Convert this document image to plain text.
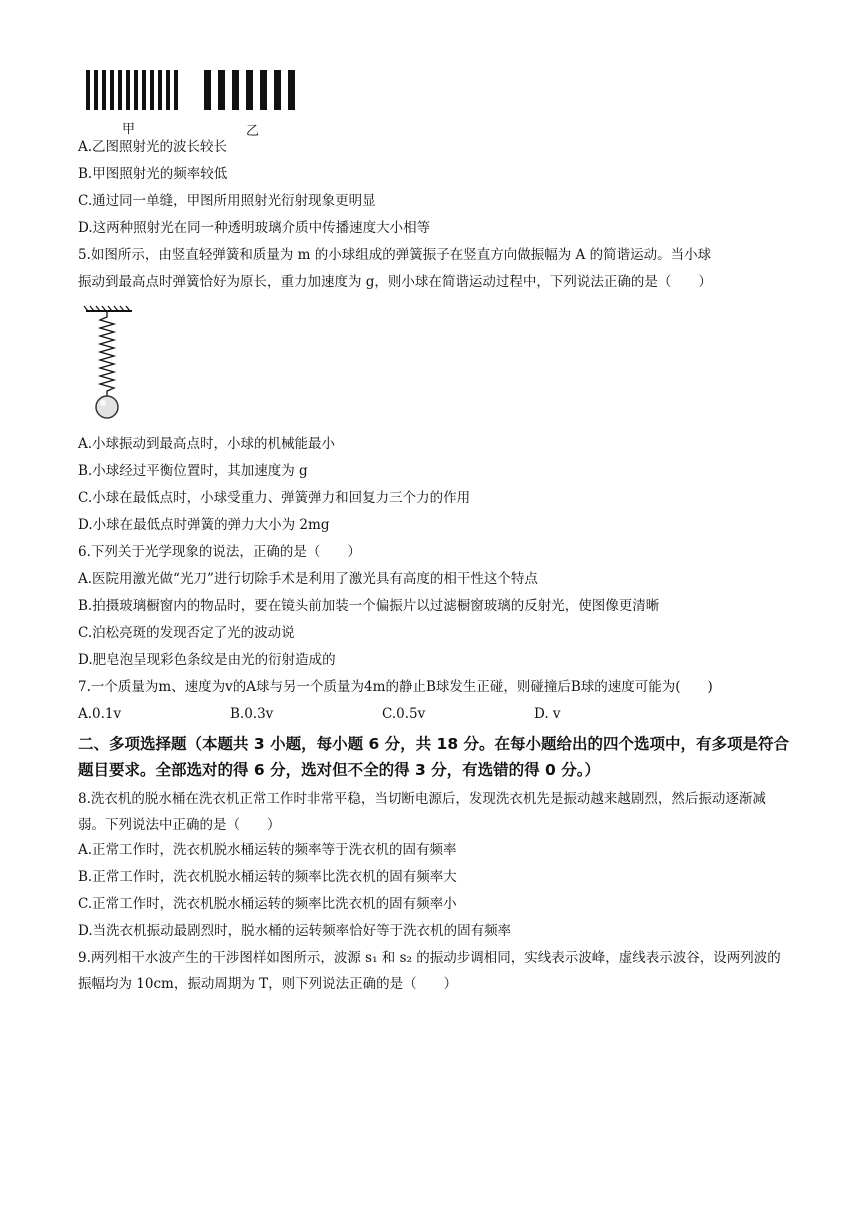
甲	乙
A.乙图照射光的波长较长
B.甲图照射光的频率较低
C.通过同一单缝，甲图所用照射光衍射现象更明显
D.这两种照射光在同一种透明玻璃介质中传播速度大小相等
5.如图所示，由竖直轻弹簧和质量为 m 的小球组成的弹簧振子在竖直方向做振幅为 A 的简谐运动。当小球
振动到最高点时弹簧恰好为原长，重力加速度为 g，则小球在简谐运动过程中，下列说法正确的是（　　）
A.小球振动到最高点时，小球的机械能最小
B.小球经过平衡位置时，其加速度为 g
C.小球在最低点时，小球受重力、弹簧弹力和回复力三个力的作用
D.小球在最低点时弹簧的弹力大小为 2mg
6.下列关于光学现象的说法，正确的是（　　）
A.医院用激光做“光刀”进行切除手术是利用了激光具有高度的相干性这个特点
B.拍摄玻璃橱窗内的物品时，要在镜头前加装一个偏振片以过滤橱窗玻璃的反射光，使图像更清晰
C.泊松亮斑的发现否定了光的波动说
D.肥皂泡呈现彩色条纹是由光的衍射造成的
7.一个质量为m、速度为v的A球与另一个质量为4m的静止B球发生正碰，则碰撞后B球的速度可能为(　　)
A.0.1v	B.0.3v	C.0.5v	D. v
二、多项选择题（本题共 3 小题，每小题 6 分，共 18 分。在每小题给出的四个选项中，有多项是符合题目要求。全部选对的得 6 分，选对但不全的得 3 分，有选错的得 0 分。）
8.洗衣机的脱水桶在洗衣机正常工作时非常平稳，当切断电源后，发现洗衣机先是振动越来越剧烈，然后振动逐渐减弱。下列说法中正确的是（　　）
A.正常工作时，洗衣机脱水桶运转的频率等于洗衣机的固有频率
B.正常工作时，洗衣机脱水桶运转的频率比洗衣机的固有频率大
C.正常工作时，洗衣机脱水桶运转的频率比洗衣机的固有频率小
D.当洗衣机振动最剧烈时，脱水桶的运转频率恰好等于洗衣机的固有频率
9.两列相干水波产生的干涉图样如图所示，波源 s₁ 和 s₂ 的振动步调相同，实线表示波峰，虚线表示波谷，设两列波的振幅均为 10cm，振动周期为 T，则下列说法正确的是（　　）
